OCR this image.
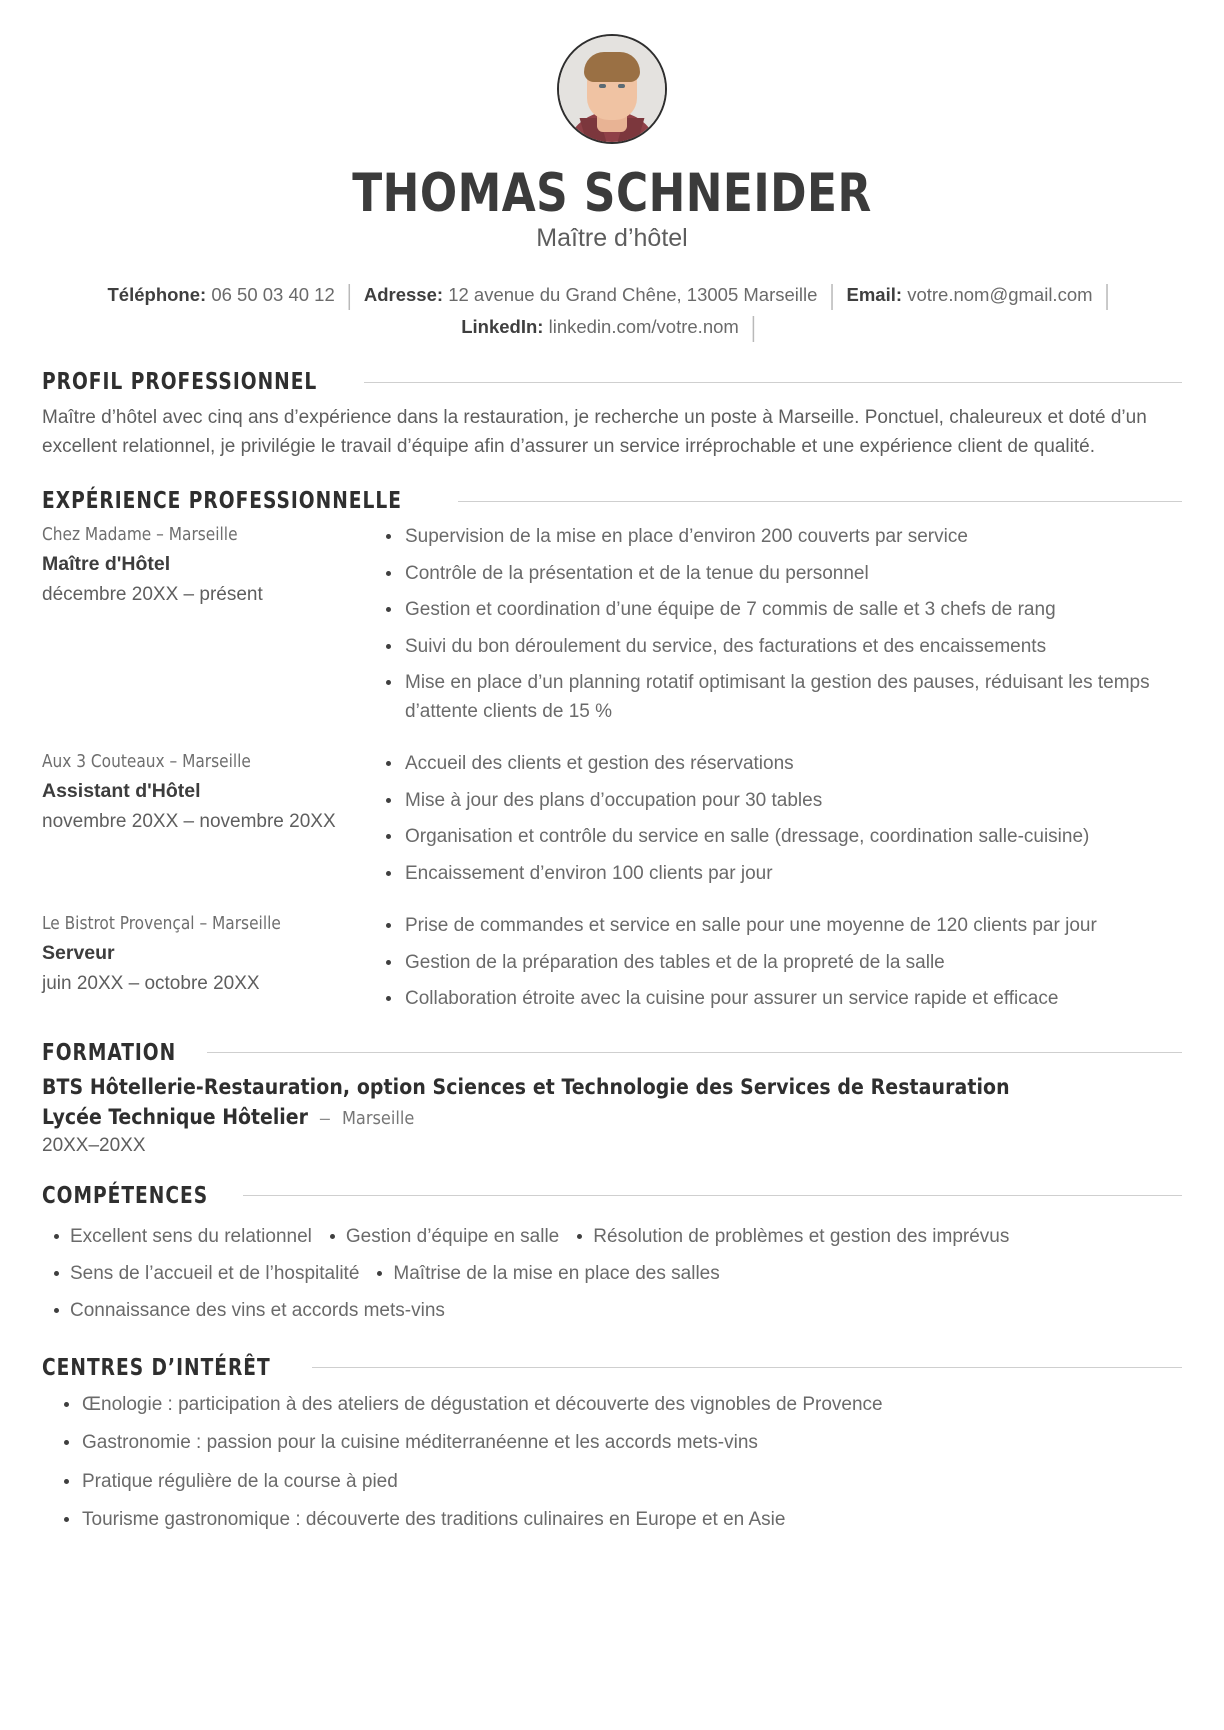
THOMAS SCHNEIDER
Maître d’hôtel
Téléphone: 06 50 03 40 12 | Adresse: 12 avenue du Grand Chêne, 13005 Marseille | Email: votre.nom@gmail.com |
LinkedIn: linkedin.com/votre.nom |
PROFIL PROFESSIONNEL
Maître d’hôtel avec cinq ans d’expérience dans la restauration, je recherche un poste à Marseille. Ponctuel, chaleureux et doté d’un excellent relationnel, je privilégie le travail d’équipe afin d’assurer un service irréprochable et une expérience client de qualité.
EXPÉRIENCE PROFESSIONNELLE
Chez Madame – Marseille
Maître d'Hôtel
décembre 20XX – présent
Supervision de la mise en place d’environ 200 couverts par service
Contrôle de la présentation et de la tenue du personnel
Gestion et coordination d’une équipe de 7 commis de salle et 3 chefs de rang
Suivi du bon déroulement du service, des facturations et des encaissements
Mise en place d’un planning rotatif optimisant la gestion des pauses, réduisant les temps d’attente clients de 15 %
Aux 3 Couteaux – Marseille
Assistant d'Hôtel
novembre 20XX – novembre 20XX
Accueil des clients et gestion des réservations
Mise à jour des plans d’occupation pour 30 tables
Organisation et contrôle du service en salle (dressage, coordination salle-cuisine)
Encaissement d’environ 100 clients par jour
Le Bistrot Provençal – Marseille
Serveur
juin 20XX – octobre 20XX
Prise de commandes et service en salle pour une moyenne de 120 clients par jour
Gestion de la préparation des tables et de la propreté de la salle
Collaboration étroite avec la cuisine pour assurer un service rapide et efficace
FORMATION
BTS Hôtellerie-Restauration, option Sciences et Technologie des Services de Restauration
Lycée Technique Hôtelier – Marseille
20XX–20XX
COMPÉTENCES
Excellent sens du relationnel Gestion d’équipe en salle Résolution de problèmes et gestion des imprévusSens de l’accueil et de l’hospitalité Maîtrise de la mise en place des sallesConnaissance des vins et accords mets-vins
CENTRES D’INTÉRÊT
Œnologie : participation à des ateliers de dégustation et découverte des vignobles de Provence
Gastronomie : passion pour la cuisine méditerranéenne et les accords mets-vins
Pratique régulière de la course à pied
Tourisme gastronomique : découverte des traditions culinaires en Europe et en Asie
